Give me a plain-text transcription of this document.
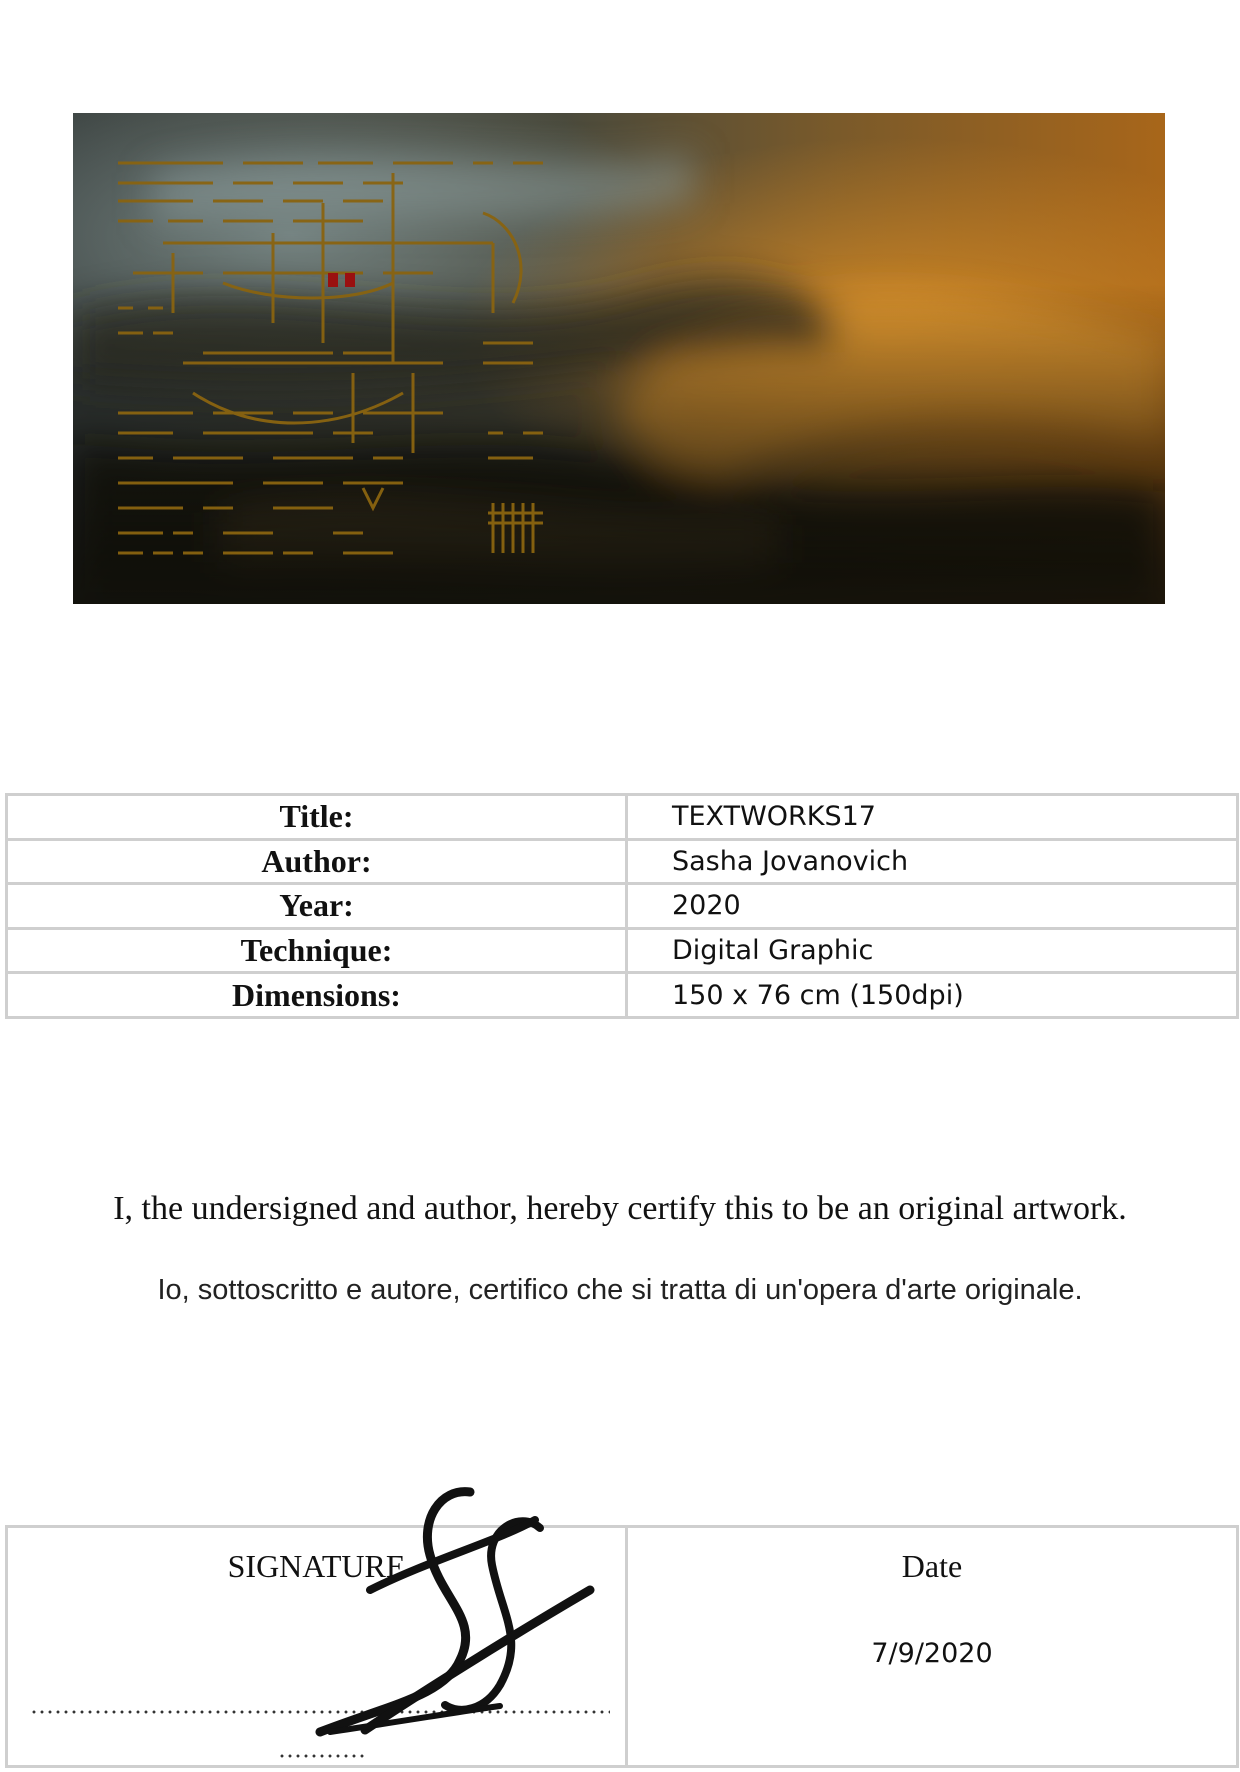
Title:	TEXTWORKS17
Author:	Sasha Jovanovich
Year:	2020
Technique:	Digital Graphic
Dimensions:	150 x 76 cm (150dpi)
I, the undersigned and author, hereby certify this to be an original artwork.
Io, sottoscritto e autore, certifico che si tratta di un'opera d'arte originale.
SIGNATURE	Date
7/9/2020
